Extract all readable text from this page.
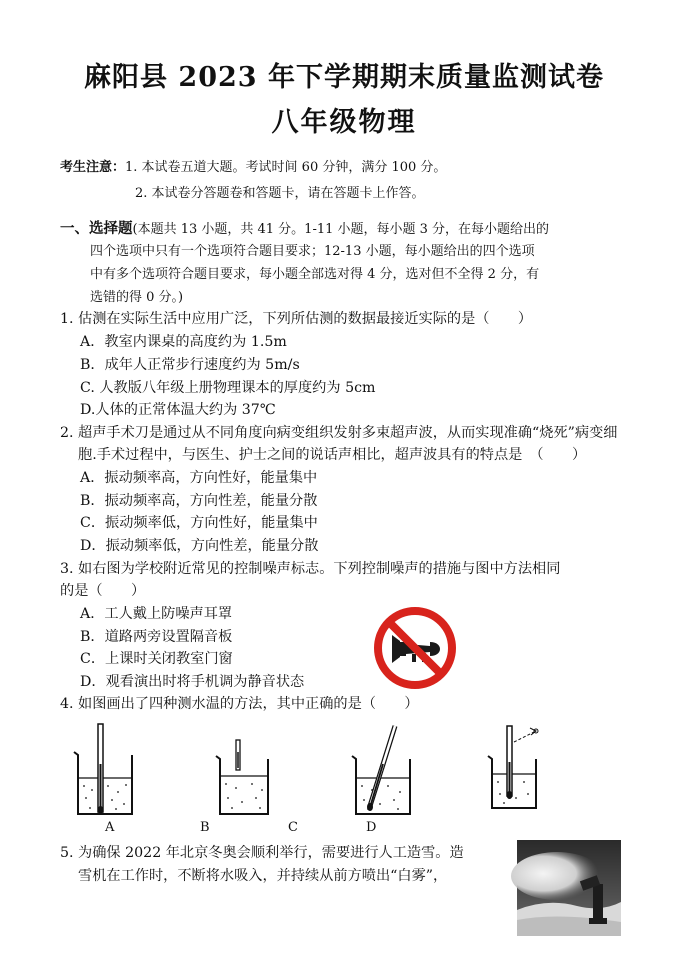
麻阳县 2023 年下学期期末质量监测试卷
八年级物理
考生注意：1. 本试卷五道大题。考试时间 60 分钟，满分 100 分。
2. 本试卷分答题卷和答题卡，请在答题卡上作答。
一、选择题(本题共 13 小题，共 41 分。1-11 小题，每小题 3 分，在每小题给出的
四个选项中只有一个选项符合题目要求；12-13 小题，每小题给出的四个选项
中有多个选项符合题目要求，每小题全部选对得 4 分，选对但不全得 2 分，有
选错的得 0 分。)
1. 估测在实际生活中应用广泛，下列所估测的数据最接近实际的是（　　）
A．教室内课桌的高度约为 1.5m
B．成年人正常步行速度约为 5m/s
C. 人教版八年级上册物理课本的厚度约为 5cm
D.人体的正常体温大约为 37℃
2. 超声手术刀是通过从不同角度向病变组织发射多束超声波，从而实现准确“烧死”病变细
胞.手术过程中，与医生、护士之间的说话声相比，超声波具有的特点是　（　　）
A．振动频率高，方向性好，能量集中
B．振动频率高，方向性差，能量分散
C．振动频率低，方向性好，能量集中
D．振动频率低，方向性差，能量分散
3. 如右图为学校附近常见的控制噪声标志。下列控制噪声的措施与图中方法相同
的是（　　）
A．工人戴上防噪声耳罩
B．道路两旁设置隔音板
C．上课时关闭教室门窗
D．观看演出时将手机调为静音状态
4. 如图画出了四种测水温的方法，其中正确的是（　　）
A	B	C	D
5. 为确保 2022 年北京冬奥会顺利举行，需要进行人工造雪。造
雪机在工作时，不断将水吸入，并持续从前方喷出“白雾”，
